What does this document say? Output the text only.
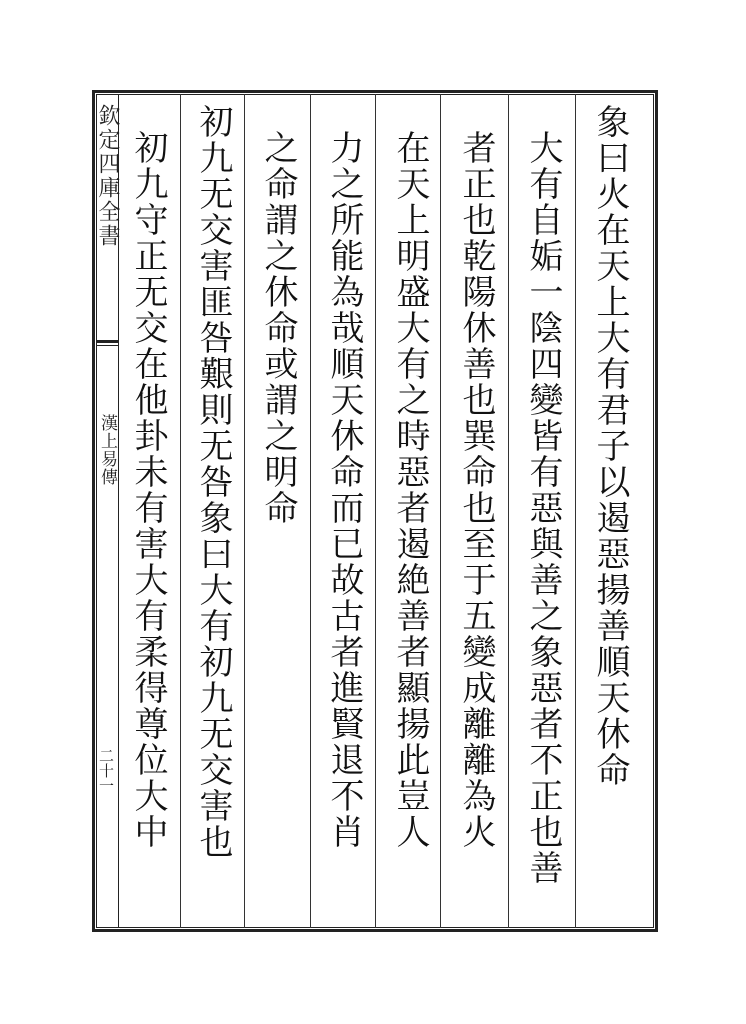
欽定四庫全書
漢上易傳
二十一	象曰火在天上大有君子以遏惡揚善順天休命
大有自姤一陰四變皆有惡與善之象惡者不正也善
者正也乾陽休善也巽命也至于五變成離離為火
在天上明盛大有之時惡者遏絶善者顯揚此豈人
力之所能為哉順天休命而已故古者進賢退不肖
之命謂之休命或謂之明命
初九无交害匪咎艱則无咎象曰大有初九无交害也
初九守正无交在他卦未有害大有柔得尊位大中
